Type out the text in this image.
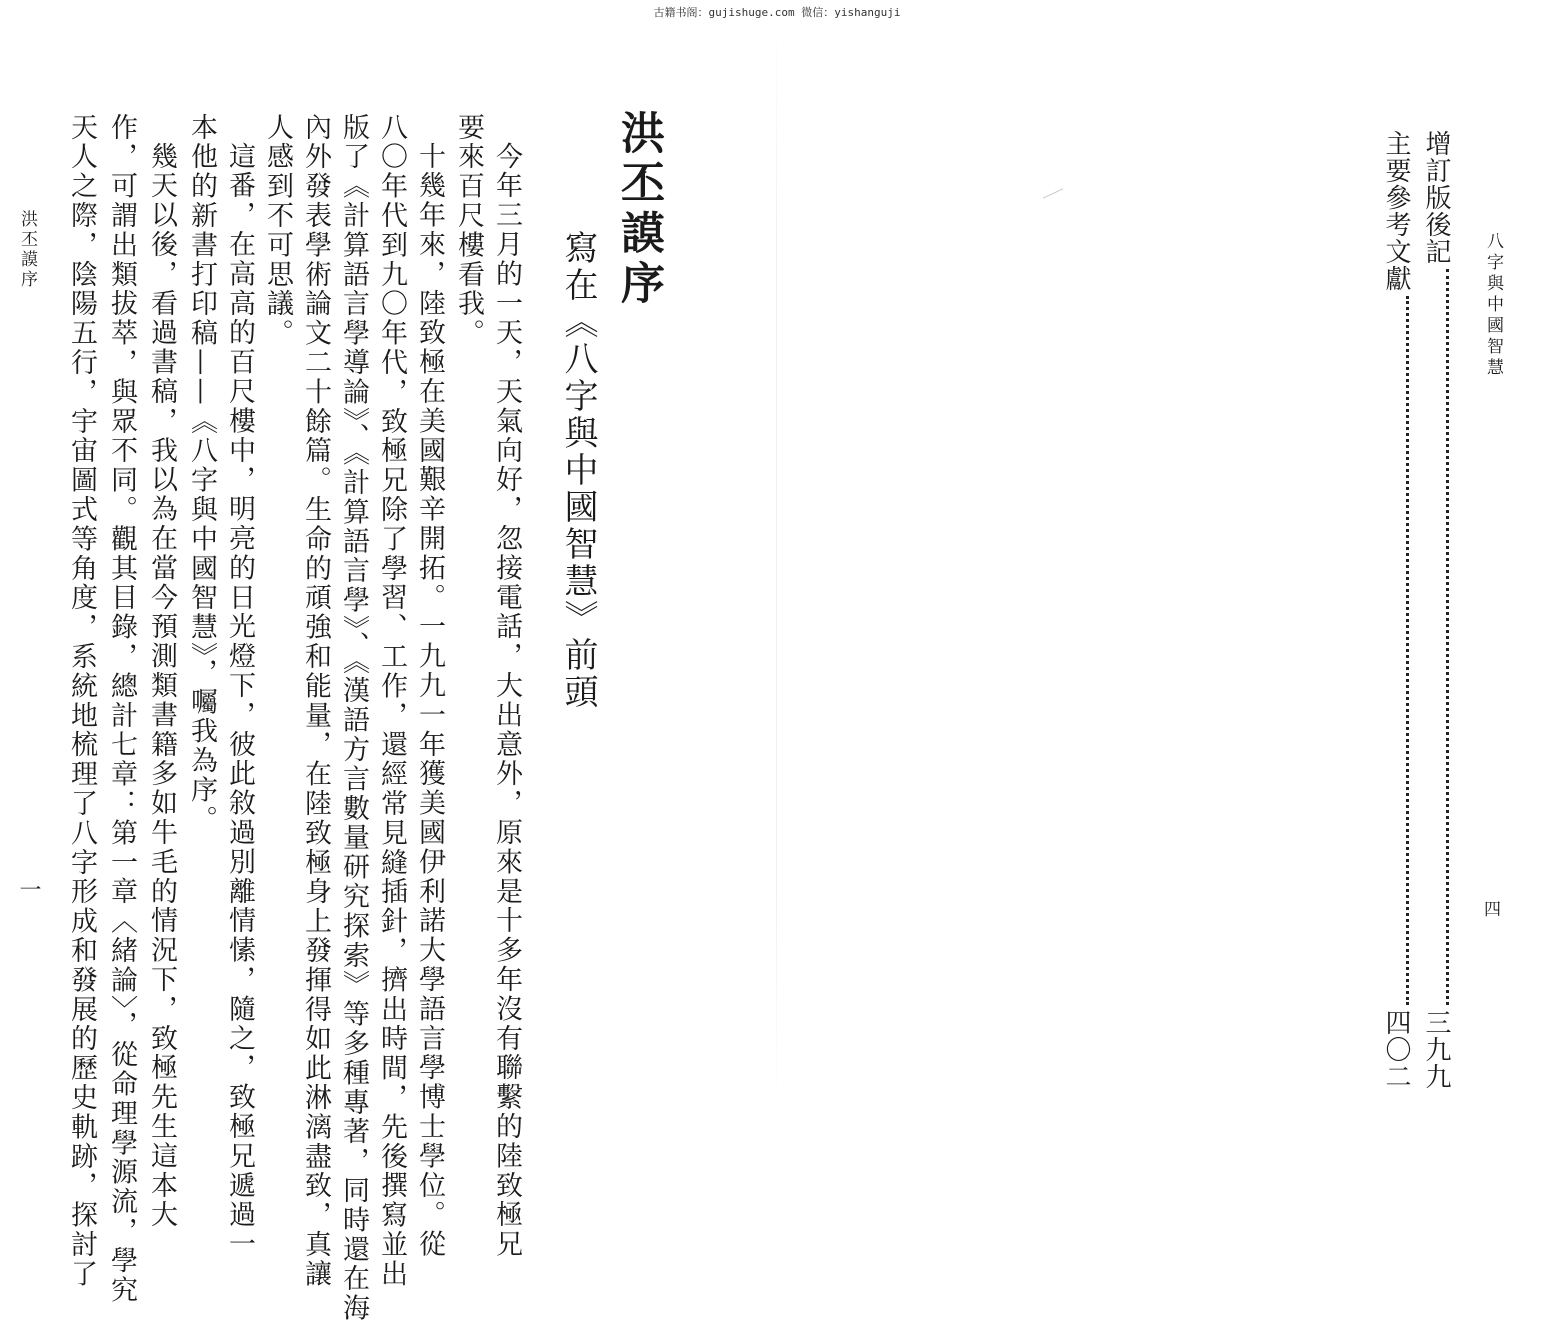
古籍书阁：gujishuge.com 微信：yishanguji
八字與中國智慧
四
增訂版後記
三九九
主要參考文獻
四〇二
洪丕謨序
寫在《八字與中國智慧》前頭
今年三月的一天，天氣向好，忽接電話，大出意外，原來是十多年沒有聯繫的陸致極兄
要來百尺樓看我。
十幾年來，陸致極在美國艱辛開拓。一九九一年獲美國伊利諾大學語言學博士學位。從
八〇年代到九〇年代，致極兄除了學習、工作，還經常見縫插針，擠出時間，先後撰寫並出
版了《計算語言學導論》、《計算語言學》、《漢語方言數量研究探索》等多種專著，同時還在海
內外發表學術論文二十餘篇。生命的頑強和能量，在陸致極身上發揮得如此淋漓盡致，真讓
人感到不可思議。
這番，在高高的百尺樓中，明亮的日光燈下，彼此敘過別離情愫，隨之，致極兄遞過一
本他的新書打印稿——《八字與中國智慧》，囑我為序。
幾天以後，看過書稿，我以為在當今預測類書籍多如牛毛的情況下，致極先生這本大
作，可謂出類拔萃，與眾不同。觀其目錄，總計七章：第一章〈緒論〉，從命理學源流，學究
天人之際，陰陽五行，宇宙圖式等角度，系統地梳理了八字形成和發展的歷史軌跡，探討了
洪丕謨序
一
